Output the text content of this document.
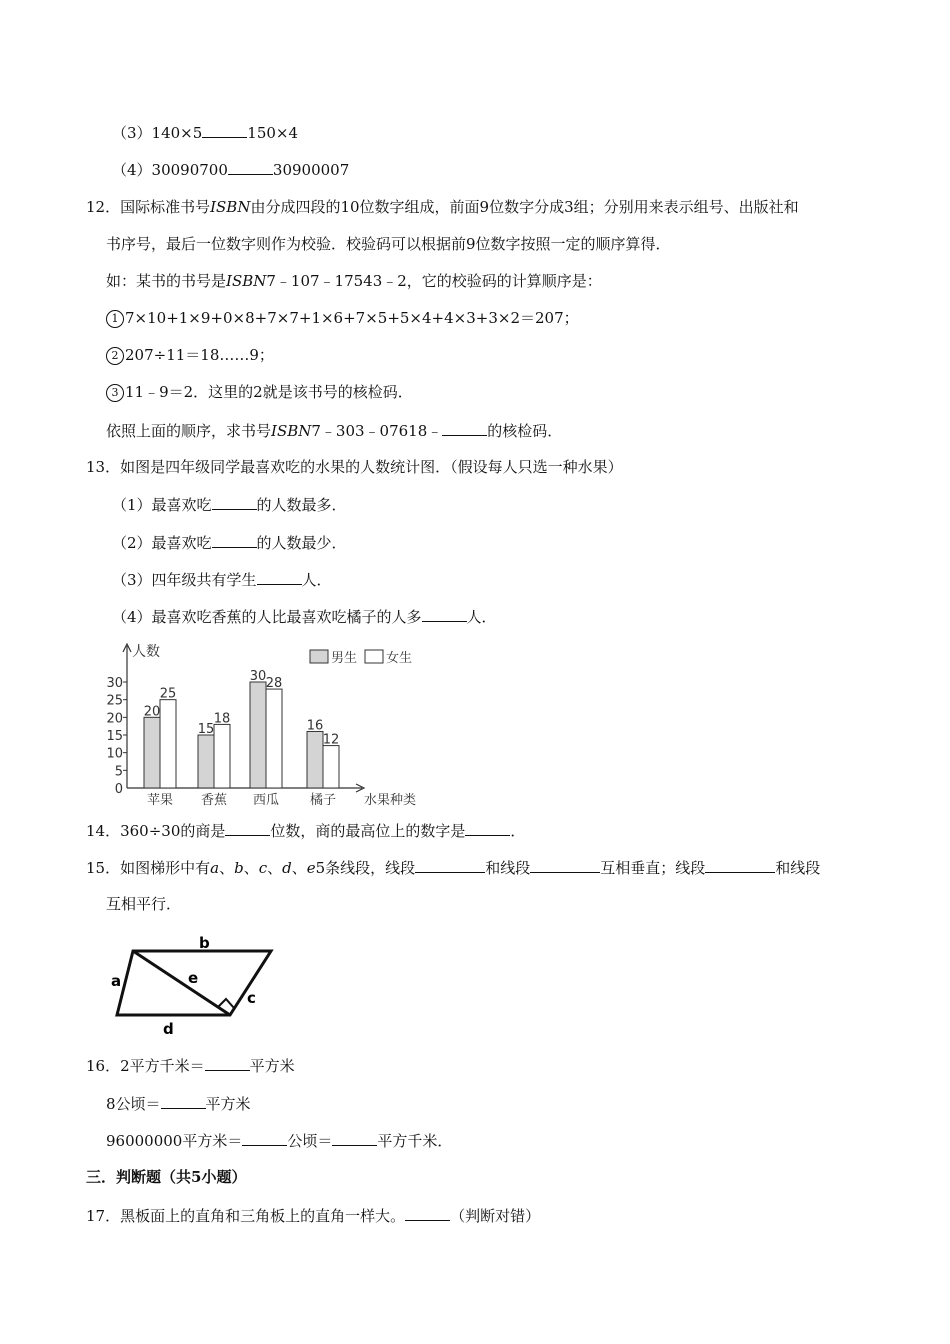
（3）140×5	150×4
（4）30090700	30900007
12．国际标准书号ISBN由分成四段的10位数字组成，前面9位数字分成3组；分别用来表示组号、出版社和
书序号，最后一位数字则作为校验．校验码可以根据前9位数字按照一定的顺序算得．
如：某书的书号是ISBN7﹣107﹣17543﹣2，它的校验码的计算顺序是：
1 7×10+1×9+0×8+7×7+1×6+7×5+5×4+4×3+3×2＝207；
2 207÷11＝18……9；
3 11﹣9＝2．这里的2就是该书号的核检码．
依照上面的顺序，求书号ISBN7﹣303﹣07618﹣	的核检码．
13．如图是四年级同学最喜欢吃的水果的人数统计图．（假设每人只选一种水果）
（1）最喜欢吃	的人数最多．
（2）最喜欢吃	的人数最少．
（3）四年级共有学生	人．
（4）最喜欢吃香蕉的人比最喜欢吃橘子的人多	人．
0
5
10
15
20
25
30
人数
水果种类
20
25
苹果
15
18
香蕉
30 28
西瓜
16
12
橘子
男生 女生
14．360÷30的商是	位数，商的最高位上的数字是	．
15．如图梯形中有a、b、c、d、e5条线段，线段	和线段	互相垂直；线段	和线段
互相平行．
a
b
c
d
e
16．2平方千米＝	平方米
8公顷＝	平方米
96000000平方米＝	公顷＝	平方千米．
三．判断题（共5小题）
17．黑板面上的直角和三角板上的直角一样大。	（判断对错）
